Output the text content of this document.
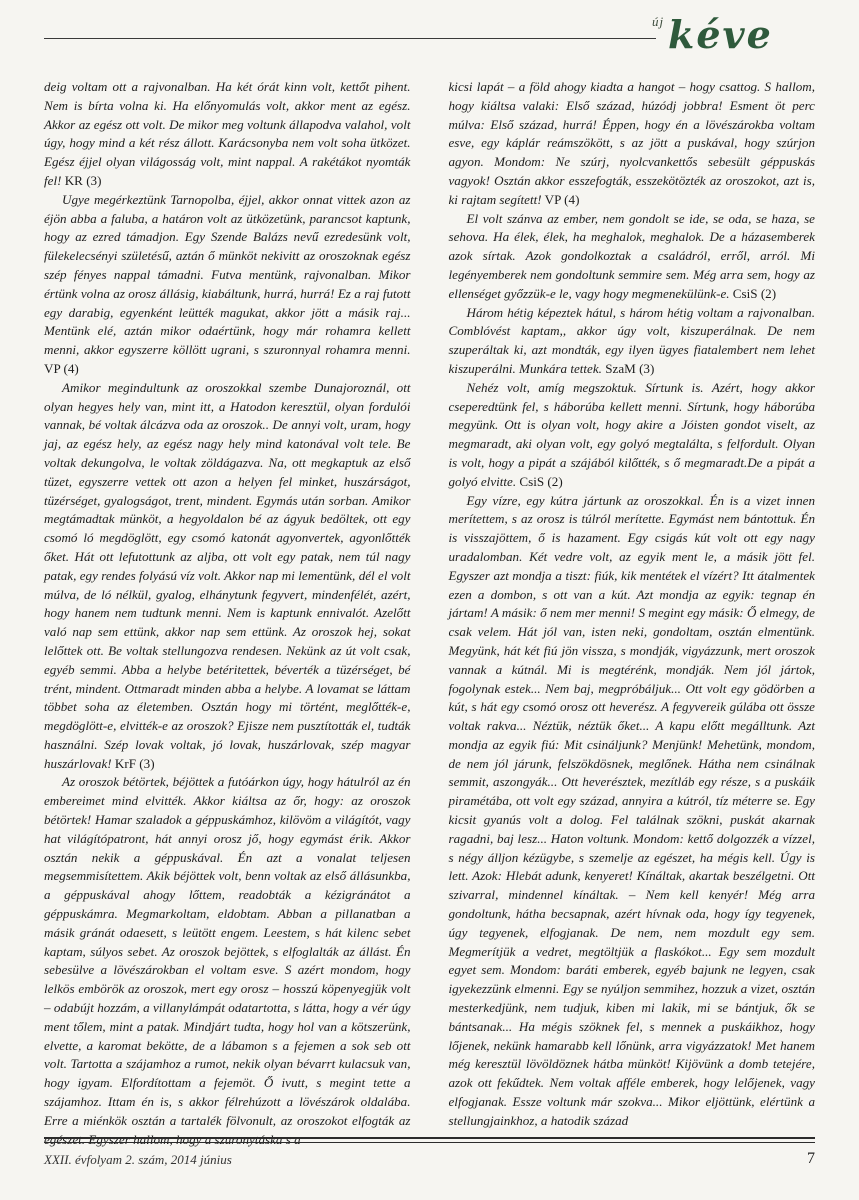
új kéve

deig voltam ott a rajvonalban. Ha két órát kinn volt, kettőt pihent. Nem is bírta volna ki. Ha előnyomulás volt, akkor ment az egész. Akkor az egész ott volt. De mikor meg voltunk állapodva valahol, volt úgy, hogy mind a két rész állott. Karácsonyba nem volt soha ütközet. Egész éjjel olyan világosság volt, mint nappal. A rakétákot nyomták fel! KR (3)

Ugye megérkeztünk Tarnopolba, éjjel, akkor onnat vittek azon az éjön abba a faluba, a határon volt az ütközetünk, parancsot kaptunk, hogy az ezred támadjon. Egy Szende Balázs nevű ezredesünk volt, fülekelecsényi születésű, aztán ő münköt nekivitt az oroszoknak egész szép fényes nappal támadni. Futva mentünk, rajvonalban. Mikor értünk volna az orosz állásig, kiabáltunk, hurrá, hurrá! Ez a raj futott egy darabig, egyenként leütték magukat, akkor jött a másik raj... Mentünk elé, aztán mikor odaértünk, hogy már rohamra kellett menni, akkor egyszerre köllött ugrani, s szuronnyal rohamra menni. VP (4)

Amikor megindultunk az oroszokkal szembe Dunajoroznál, ott olyan hegyes hely van, mint itt, a Hatodon keresztül, olyan fordulói vannak, bé voltak álcázva oda az oroszok.. De annyi volt, uram, hogy jaj, az egész hely, az egész nagy hely mind katonával volt tele. Be voltak dekungolva, le voltak zöldágazva. Na, ott megkaptuk az első tüzet, egyszerre vettek ott azon a helyen fel minket, huszárságot, tüzérséget, gyalogságot, trent, mindent. Egymás után sorban. Amikor megtámadtak münköt, a hegyoldalon bé az ágyuk bedöltek, ott egy csomó ló megdöglött, egy csomó katonát agyonvertek, agyonlőtték őket. Hát ott lefutottunk az aljba, ott volt egy patak, nem túl nagy patak, egy rendes folyású víz volt. Akkor nap mi lementünk, dél el volt múlva, de ló nélkül, gyalog, elhánytunk fegyvert, mindenfélét, azért, hogy hanem nem tudtunk menni. Nem is kaptunk ennivalót. Azelőtt való nap sem ettünk, akkor nap sem ettünk. Az oroszok hej, sokat lelőttek ott. Be voltak stellungozva rendesen. Nekünk az út volt csak, egyéb semmi. Abba a helybe betéritettek, béverték a tüzérséget, bé trént, mindent. Ottmaradt minden abba a helybe. A lovamat se láttam többet soha az életemben. Osztán hogy mi történt, meglőtték-e, megdöglött-e, elvitték-e az oroszok? Ejisze nem pusztították el, tudták használni. Szép lovak voltak, jó lovak, huszárlovak, szép magyar huszárlovak! KrF (3)

Az oroszok bétörtek, béjöttek a futóárkon úgy, hogy hátulról az én embereimet mind elvitték. Akkor kiáltsa az őr, hogy: az oroszok bétörtek! Hamar szaladok a géppuskámhoz, kilövöm a világítót, vagy hat világítópatront, hát annyi orosz jő, hogy egymást érik. Akkor osztán nekik a géppuskával. Én azt a vonalat teljesen megsemmisítettem. Akik béjöttek volt, benn voltak az első állásunkba, a géppuskával ahogy lőttem, readobták a kézigránátot a géppuskámra. Megmarkoltam, eldobtam. Abban a pillanatban a másik gránát odaesett, s leütött engem. Leestem, s hát kilenc sebet kaptam, súlyos sebet. Az oroszok bejöttek, s elfoglalták az állást. Én sebesülve a lövészárokban el voltam esve. S azért mondom, hogy lelkös embörök az oroszok, mert egy orosz – hosszú köpenyegjük volt – odabújt hozzám, a villanylámpát odatartotta, s látta, hogy a vér úgy ment tőlem, mint a patak. Mindjárt tudta, hogy hol van a kötszerünk, elvette, a karomat bekötte, de a lábamon s a fejemen a sok seb ott volt. Tartotta a szájamhoz a rumot, nekik olyan bévarrt kulacsuk van, hogy igyam. Elfordítottam a fejemöt. Ő ivutt, s megint tette a szájamhoz. Ittam én is, s akkor félrehúzott a lövészárok oldalába. Erre a miénkök osztán a tartalék fölvonult, az oroszokot elfogták az egészet. Egyszer hallom, hogy a szuronytáska s a

kicsi lapát – a föld ahogy kiadta a hangot – hogy csattog. S hallom, hogy kiáltsa valaki: Első század, húzódj jobbra! Esment öt perc múlva: Első század, hurrá! Éppen, hogy én a lövészárokba voltam esve, egy káplár reámszökött, s az jött a puskával, hogy szúrjon agyon. Mondom: Ne szúrj, nyolcvankettős sebesült géppuskás vagyok! Osztán akkor esszefogták, esszekötözték az oroszokot, azt is, ki rajtam segített! VP (4)

El volt szánva az ember, nem gondolt se ide, se oda, se haza, se sehova. Ha élek, élek, ha meghalok, meghalok. De a házasemberek azok sírtak. Azok gondolkoztak a családról, erről, arról. Mi legényemberek nem gondoltunk semmire sem. Még arra sem, hogy az ellenséget győzzük-e le, vagy hogy megmenekülünk-e. CsiS (2)

Három hétig képeztek hátul, s három hétig voltam a rajvonalban. Comblóvést kaptam,, akkor úgy volt, kiszuperálnak. De nem szuperáltak ki, azt mondták, egy ilyen ügyes fiatalembert nem lehet kiszuperálni. Munkára tettek. SzaM (3)

Nehéz volt, amíg megszoktuk. Sírtunk is. Azért, hogy akkor cseperedtünk fel, s háborúba kellett menni. Sírtunk, hogy háborúba megyünk. Ott is olyan volt, hogy akire a Jóisten gondot viselt, az megmaradt, aki olyan volt, egy golyó megtalálta, s felfordult. Olyan is volt, hogy a pipát a szájából kilőtték, s ő megmaradt.De a pipát a golyó elvitte. CsiS (2)

Egy vízre, egy kútra jártunk az oroszokkal. Én is a vizet innen merítettem, s az orosz is túlról merítette. Egymást nem bántottuk. Én is visszajöttem, ő is hazament. Egy csigás kút volt ott egy nagy uradalomban. Két vedre volt, az egyik ment le, a másik jött fel. Egyszer azt mondja a tiszt: fiúk, kik mentétek el vízért? Itt átalmentek ezen a dombon, s ott van a kút. Azt mondja az egyik: tegnap én jártam! A másik: ő nem mer menni! S megint egy másik: Ő elmegy, de csak velem. Hát jól van, isten neki, gondoltam, osztán elmentünk. Megyünk, hát két fiú jön vissza, s mondják, vigyázzunk, mert oroszok vannak a kútnál. Mi is megtérénk, mondják. Nem jól jártok, fogolynak estek... Nem baj, megpróbáljuk... Ott volt egy gödörben a kút, s hát egy csomó orosz ott heverész. A fegyvereik gúlába ott össze voltak rakva... Néztük, néztük őket... A kapu előtt megálltunk. Azt mondja az egyik fiú: Mit csináljunk? Menjünk! Mehetünk, mondom, de nem jól járunk, felszökdösnek, meglőnek. Hátha nem csinálnak semmit, aszongyák... Ott heverésztek, mezítláb egy része, s a puskáik piramétába, ott volt egy század, annyira a kútról, tíz méterre se. Egy kicsit gyanús volt a dolog. Fel találnak szökni, puskát akarnak ragadni, baj lesz... Haton voltunk. Mondom: kettő dolgozzék a vízzel, s négy álljon kézügybe, s szemelje az egészet, ha mégis kell. Úgy is lett. Azok: Hlebát adunk, kenyeret! Kínáltak, akartak beszélgetni. Ott szivarral, mindennel kínáltak. – Nem kell kenyér! Még arra gondoltunk, hátha becsapnak, azért hívnak oda, hogy így tegyenek, úgy tegyenek, elfogjanak. De nem, nem mozdult egy sem. Megmerítjük a vedret, megtöltjük a flaskókot... Egy sem mozdult egyet sem. Mondom: baráti emberek, egyéb bajunk ne legyen, csak igyekezzünk elmenni. Egy se nyúljon semmihez, hozzuk a vizet, osztán mesterkedjünk, nem tudjuk, kiben mi lakik, mi se bántjuk, ők se bántsanak... Ha mégis szöknek fel, s mennek a puskáikhoz, hogy lőjenek, nekünk hamarabb kell lőnünk, arra vigyázzatok! Met hanem még keresztül lövöldöznek hátba münköt! Kijövünk a domb tetejére, azok ott fekűdtek. Nem voltak afféle emberek, hogy lelőjenek, vagy elfogjanak. Essze voltunk már szokva... Mikor eljöttünk, elértünk a stellungjainkhoz, a hatodik század

XXII. évfolyam 2. szám, 2014 június	7
